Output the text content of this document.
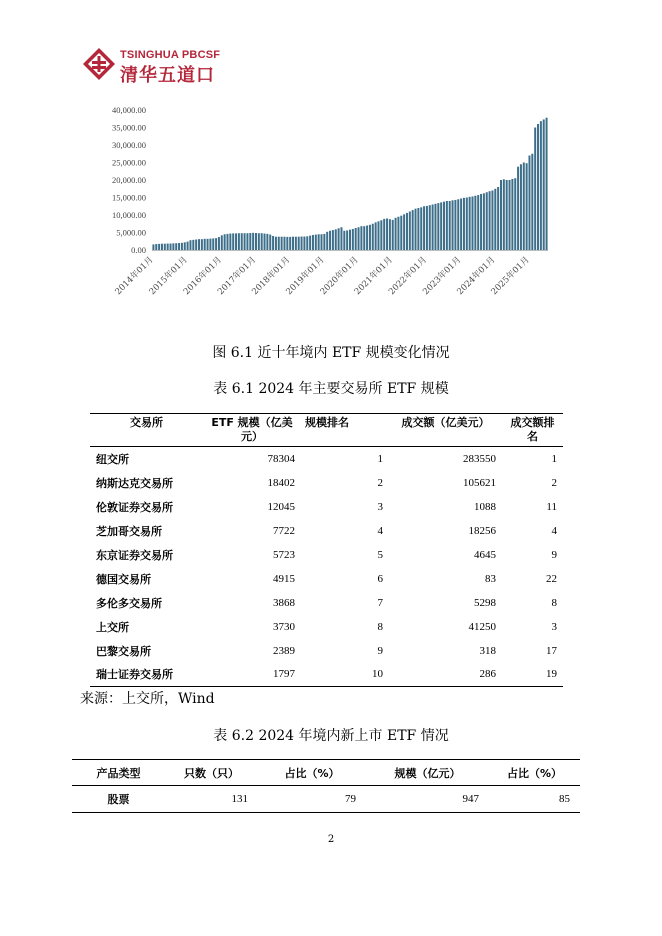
TSINGHUA PBCSF
清华五道口
0.00
5,000.00
10,000.00
15,000.00
20,000.00
25,000.00
30,000.00
35,000.00
40,000.00
2014年01月
2015年01月
2016年01月
2017年01月
2018年01月
2019年01月
2020年01月
2021年01月
2022年01月
2023年01月
2024年01月
2025年01月
图 6.1 近十年境内 ETF 规模变化情况
表 6.1 2024 年主要交易所 ETF 规模
交易所	ETF 规模（亿美元）	规模排名	成交额（亿美元）	成交额排名
纽交所	78304	1	283550	1
纳斯达克交易所	18402	2	105621	2
伦敦证券交易所	12045	3	1088	11
芝加哥交易所	7722	4	18256	4
东京证券交易所	5723	5	4645	9
德国交易所	4915	6	83	22
多伦多交易所	3868	7	5298	8
上交所	3730	8	41250	3
巴黎交易所	2389	9	318	17
瑞士证券交易所	1797	10	286	19
来源：上交所，Wind
表 6.2 2024 年境内新上市 ETF 情况
产品类型	只数（只）	占比（%）	规模（亿元）	占比（%）
股票	131	79	947	85
2
